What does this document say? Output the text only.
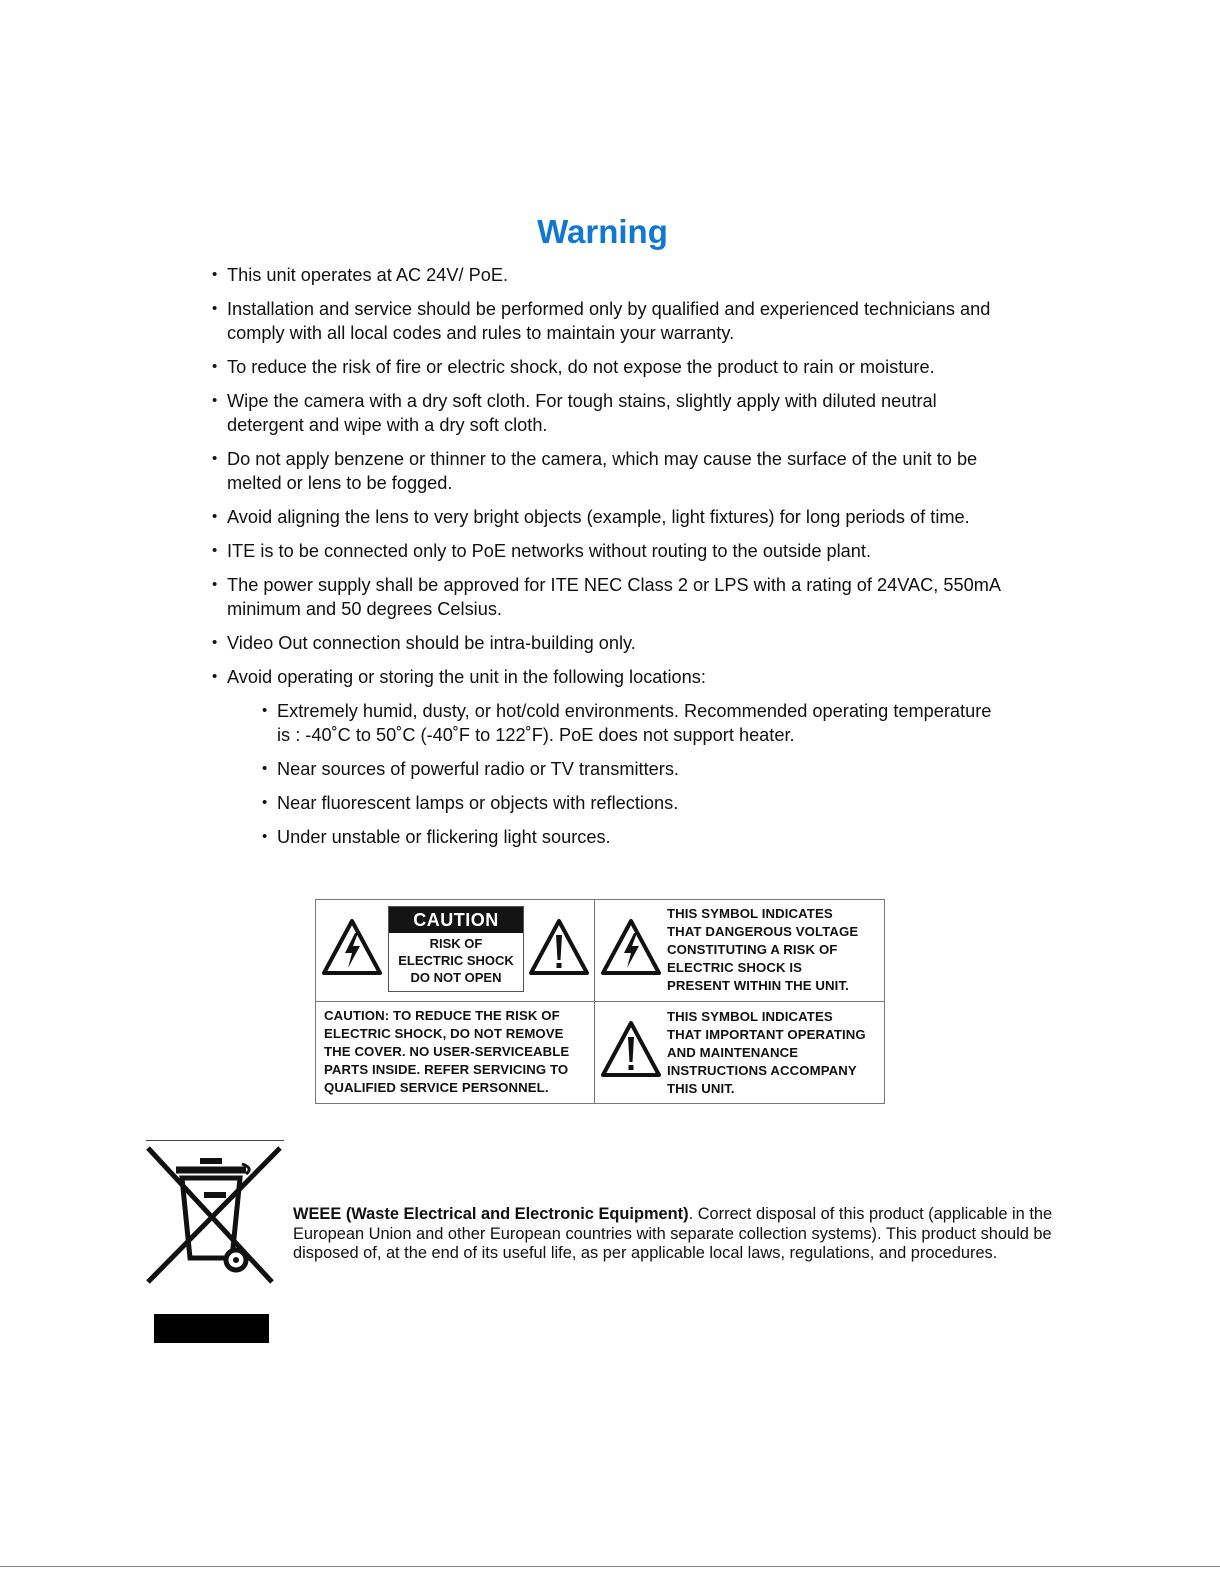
Warning
• This unit operates at AC 24V/ PoE.
• Installation and service should be performed only by qualified and experienced technicians and comply with all local codes and rules to maintain your warranty.
• To reduce the risk of fire or electric shock, do not expose the product to rain or moisture.
• Wipe the camera with a dry soft cloth. For tough stains, slightly apply with diluted neutral detergent and wipe with a dry soft cloth.
• Do not apply benzene or thinner to the camera, which may cause the surface of the unit to be melted or lens to be fogged.
• Avoid aligning the lens to very bright objects (example, light fixtures) for long periods of time.
• ITE is to be connected only to PoE networks without routing to the outside plant.
• The power supply shall be approved for ITE NEC Class 2 or LPS with a rating of 24VAC, 550mA minimum and 50 degrees Celsius.
• Video Out connection should be intra-building only.
• Avoid operating or storing the unit in the following locations:
• Extremely humid, dusty, or hot/cold environments. Recommended operating temperature is : -40˚C to 50˚C (-40˚F to 122˚F). PoE does not support heater.
• Near sources of powerful radio or TV transmitters.
• Near fluorescent lamps or objects with reflections.
• Under unstable or flickering light sources.
CAUTION
RISK OF
ELECTRIC SHOCK
DO NOT OPEN
THIS SYMBOL INDICATES
THAT DANGEROUS VOLTAGE
CONSTITUTING A RISK OF
ELECTRIC SHOCK IS
PRESENT WITHIN THE UNIT.
CAUTION: TO REDUCE THE RISK OF
ELECTRIC SHOCK, DO NOT REMOVE
THE COVER. NO USER-SERVICEABLE
PARTS INSIDE. REFER SERVICING TO
QUALIFIED SERVICE PERSONNEL.
THIS SYMBOL INDICATES
THAT IMPORTANT OPERATING
AND MAINTENANCE
INSTRUCTIONS ACCOMPANY
THIS UNIT.
WEEE (Waste Electrical and Electronic Equipment). Correct disposal of this product (applicable in the European Union and other European countries with separate collection systems). This product should be disposed of, at the end of its useful life, as per applicable local laws, regulations, and procedures.
